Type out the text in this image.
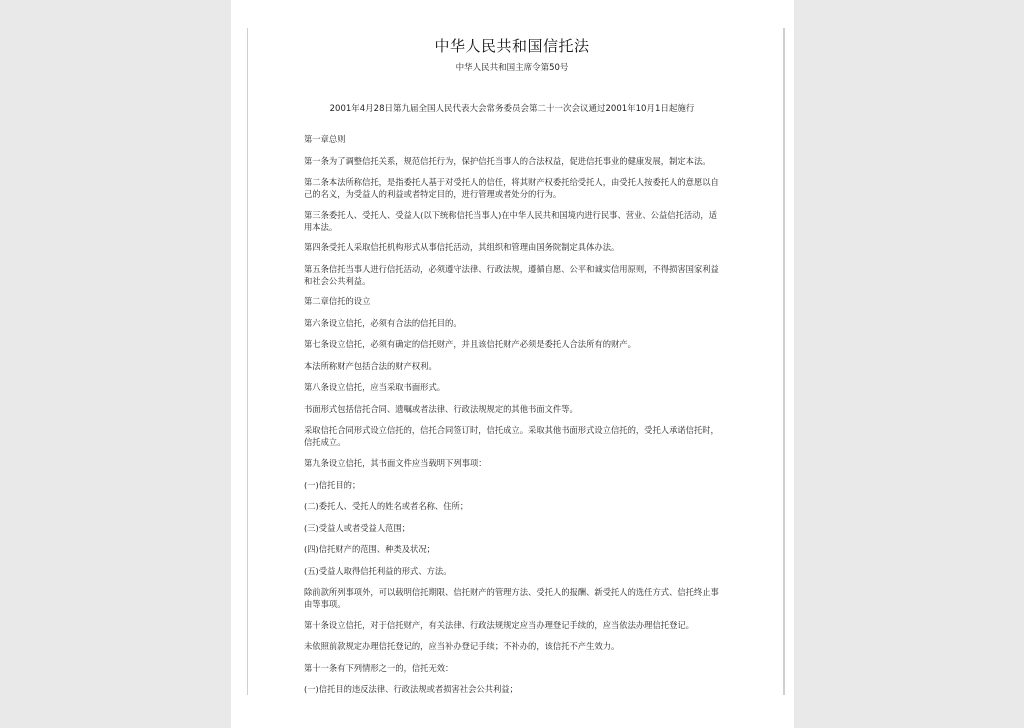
中华人民共和国信托法
中华人民共和国主席令第50号
2001年4月28日第九届全国人民代表大会常务委员会第二十一次会议通过2001年10月1日起施行
第一章总则
第一条为了调整信托关系，规范信托行为，保护信托当事人的合法权益，促进信托事业的健康发展，制定本法。
第二条本法所称信托，是指委托人基于对受托人的信任，将其财产权委托给受托人，由受托人按委托人的意愿以自
己的名义，为受益人的利益或者特定目的，进行管理或者处分的行为。
第三条委托人、受托人、受益人(以下统称信托当事人)在中华人民共和国境内进行民事、营业、公益信托活动，适
用本法。
第四条受托人采取信托机构形式从事信托活动，其组织和管理由国务院制定具体办法。
第五条信托当事人进行信托活动，必须遵守法律、行政法规，遵循自愿、公平和诚实信用原则，不得损害国家利益
和社会公共利益。
第二章信托的设立
第六条设立信托，必须有合法的信托目的。
第七条设立信托，必须有确定的信托财产，并且该信托财产必须是委托人合法所有的财产。
本法所称财产包括合法的财产权利。
第八条设立信托，应当采取书面形式。
书面形式包括信托合同、遗嘱或者法律、行政法规规定的其他书面文件等。
采取信托合同形式设立信托的，信托合同签订时，信托成立。采取其他书面形式设立信托的，受托人承诺信托时，
信托成立。
第九条设立信托，其书面文件应当载明下列事项：
(一)信托目的；
(二)委托人、受托人的姓名或者名称、住所；
(三)受益人或者受益人范围；
(四)信托财产的范围、种类及状况；
(五)受益人取得信托利益的形式、方法。
除前款所列事项外，可以载明信托期限、信托财产的管理方法、受托人的报酬、新受托人的选任方式、信托终止事
由等事项。
第十条设立信托，对于信托财产，有关法律、行政法规规定应当办理登记手续的，应当依法办理信托登记。
未依照前款规定办理信托登记的，应当补办登记手续；不补办的，该信托不产生效力。
第十一条有下列情形之一的，信托无效：
(一)信托目的违反法律、行政法规或者损害社会公共利益；
